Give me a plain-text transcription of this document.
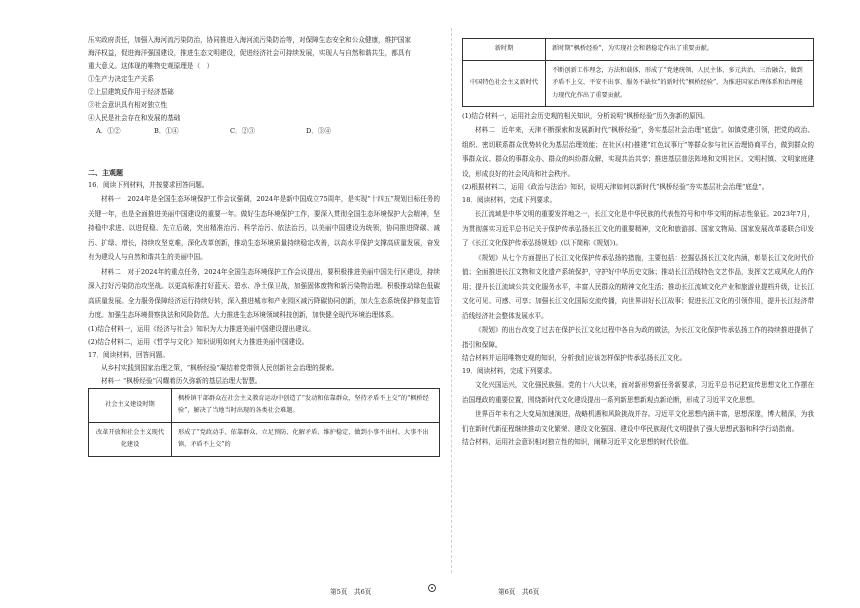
压实政府责任，加强入海河流污染防治，协同推进入海河流污染防治等，对保障生态安全和公众健康，维护国家
海洋权益，促进海洋强国建设，推进生态文明建设，促进经济社会可持续发展，实现人与自然和谐共生，都具有
重大意义。这体现的唯物史观原理是（　）
①生产力决定生产关系
②上层建筑反作用于经济基础
③社会意识具有相对独立性
④人民是社会存在和发展的基础
A．①②	B．①④	C．②③	D．③④
二、主观题
16．阅读下列材料，并按要求回答问题。
材料一　2024年是全国生态环境保护工作会议强调，2024年是新中国成立75周年，是实现“十四五”规划目标任务的关键一年，也是全面推进美丽中国建设的重要一年。做好生态环境保护工作，要深入贯彻全国生态环境保护大会精神，坚持稳中求进、以进促稳、先立后破，突出精准治污、科学治污、依法治污，以美丽中国建设为统领，协同推进降碳、减污、扩绿、增长，持续攻坚克难，深化改革创新，推动生态环境质量持续稳定改善，以高水平保护支撑高质量发展，奋发有为建设人与自然和谐共生的美丽中国。
材料二　对于2024年的重点任务，2024年全国生态环境保护工作会议提出，要积极推进美丽中国先行区建设，持续深入打好污染防治攻坚战。以更高标准打好蓝天、碧水、净土保卫战，加强固体废物和新污染物治理。积极推动绿色低碳高质量发展。全力服务保障经济运行持续好转，深入推进城市和产业园区减污降碳协同创新，加大生态系统保护修复监管力度。加强生态环境督察执法和风险防范。大力推进生态环境领域科技创新，加快健全现代环境治理体系。
(1)结合材料一，运用《经济与社会》知识为大力推进美丽中国建设提出建议。
(2)结合材料二，运用《哲学与文化》知识说明如何大力推进美丽中国建设。
17．阅读材料，回答问题。
从乡村实践到国家治理之策，“枫桥经验”凝结着党带领人民创新社会治理的探索。
材料一 “枫桥经验”闪耀着历久弥新的基层治理大智慧。
社会主义建设时期	枫桥镇干部群众在社会主义教育运动中创造了“发动和依靠群众，坚持矛盾不上交”的“枫桥经验”，解决了当地当时出现的各类社会难题。
改革开放和社会主义现代化建设	形成了“党政动手、依靠群众、立足预防、化解矛盾、维护稳定，做到小事不出村、大事不出镇、矛盾不上交”的
新时期	新时期“枫桥经验”，为实现社会和谐稳定作出了重要贡献。
中国特色社会主义新时代	不断创新工作理念，方法和载体，形成了“党建统领、人民主体、多元共治、三治融合，做到矛盾不上交、平安不出事、服务不缺位”的新时代“枫桥经验”，为推进国家治理体系和治理能力现代化作出了重要贡献。
(1)结合材料一，运用社会历史观的相关知识，分析说明“枫桥经验”历久弥新的原因。
材料二　近年来，天津不断探索和发展新时代“枫桥经验”，务实基层社会治理“底盘”。如镇党建引领，把党的政治、组织、密切联系群众优势转化为基层治理效能；在社区(村)推建“红色议事厅”等群众参与社区治理协商平台，做到群众的事群众议、群众的事群众办、群众的纠纷群众解，实现共治共享；推进基层普法阵地和文明社区、文明村镇、文明家庭建设，形成良好的社会风尚和社会秩序。
(2)根据材料二，运用《政治与法治》知识，说明天津如何以新时代“枫桥经验”夯实基层社会治理“底盘”。
18．阅读材料，完成下列要求。
长江流域是中华文明的重要发祥地之一，长江文化是中华民族的代表性符号和中华文明的标志性象征。2023年7月，为贯彻落实习近平总书记关于保护传承弘扬长江文化的重要精神，文化和旅游部、国家文物局、国家发展改革委联合印发了《长江文化保护传承弘扬规划》(以下简称《规划》)。
《规划》从七个方面提出了长江文化保护传承弘扬的措施，主要包括：挖掘弘扬长江文化内涵，彰显长江文化时代价值；全面推进长江文物和文化遗产系统保护，守护好中华历史文脉；推动长江沿线特色文艺作品，发挥文艺成风化人的作用；提升长江流域公共文化服务水平，丰富人民群众的精神文化生活；推动长江流域文化产业和旅游业提档升级，让长江文化可见、可感、可享；加强长江文化国际交流传播，向世界讲好长江故事；促进长江文化的引领作用，提升长江经济带沿线经济社会整体发展水平。
《规划》的出台改变了过去在保护长江文化过程中各自为政的做法，为长江文化保护传承弘扬工作的持续推进提供了指引和保障。
结合材料并运用唯物史观的知识，分析我们应该怎样保护传承弘扬长江文化。
19．阅读材料，完成下列要求。
文化兴国运兴，文化强民族强。党的十八大以来，面对新形势新任务新要求，习近平总书记把宣传思想文化工作摆在治国理政的重要位置，围绕新时代文化建设提出一系列新思想新观点新论断，形成了习近平文化思想。
世界百年未有之大变局加速演进，战略机遇和风险挑战并存。习近平文化思想内涵丰富，思想深邃，博大精深，为我们在新时代新征程继续推动文化繁荣、建设文化强国、建设中华民族现代文明提供了强大思想武器和科学行动指南。
结合材料，运用社会意识相对独立性的知识，阐释习近平文化思想的时代价值。
第5页　共6页	第6页　共6页
